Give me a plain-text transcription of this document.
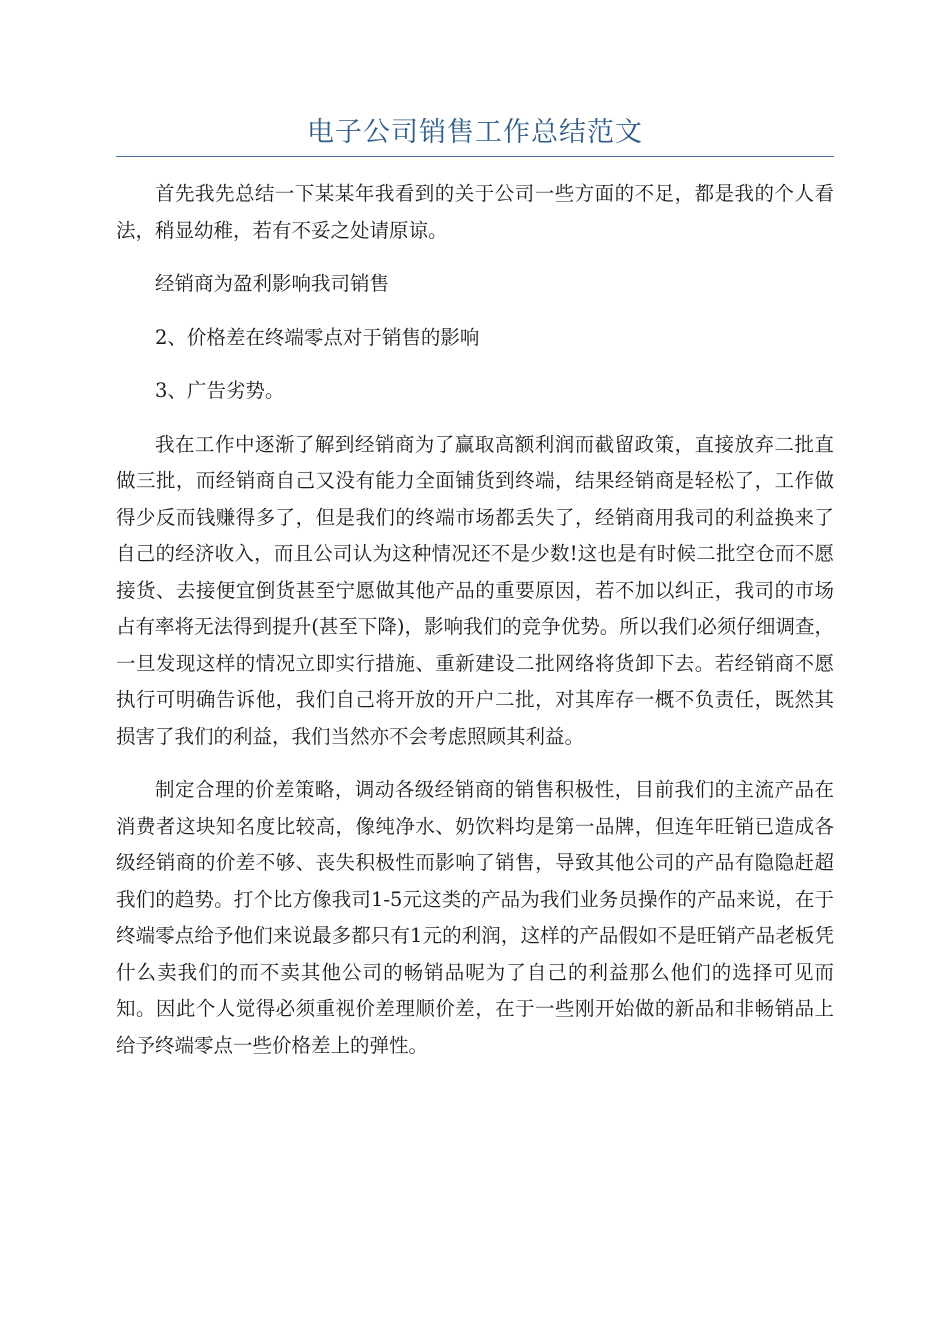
电子公司销售工作总结范文

首先我先总结一下某某年我看到的关于公司一些方面的不足，都是我的个人看法，稍显幼稚，若有不妥之处请原谅。

经销商为盈利影响我司销售

2、价格差在终端零点对于销售的影响

3、广告劣势。

我在工作中逐渐了解到经销商为了赢取高额利润而截留政策，直接放弃二批直做三批，而经销商自己又没有能力全面铺货到终端，结果经销商是轻松了，工作做得少反而钱赚得多了，但是我们的终端市场都丢失了，经销商用我司的利益换来了自己的经济收入，而且公司认为这种情况还不是少数!这也是有时候二批空仓而不愿接货、去接便宜倒货甚至宁愿做其他产品的重要原因，若不加以纠正，我司的市场占有率将无法得到提升(甚至下降)，影响我们的竞争优势。所以我们必须仔细调查，一旦发现这样的情况立即实行措施、重新建设二批网络将货卸下去。若经销商不愿执行可明确告诉他，我们自己将开放的开户二批，对其库存一概不负责任，既然其损害了我们的利益，我们当然亦不会考虑照顾其利益。

制定合理的价差策略，调动各级经销商的销售积极性，目前我们的主流产品在消费者这块知名度比较高，像纯净水、奶饮料均是第一品牌，但连年旺销已造成各级经销商的价差不够、丧失积极性而影响了销售，导致其他公司的产品有隐隐赶超我们的趋势。打个比方像我司1-5元这类的产品为我们业务员操作的产品来说，在于终端零点给予他们来说最多都只有1元的利润，这样的产品假如不是旺销产品老板凭什么卖我们的而不卖其他公司的畅销品呢为了自己的利益那么他们的选择可见而知。因此个人觉得必须重视价差理顺价差，在于一些刚开始做的新品和非畅销品上给予终端零点一些价格差上的弹性。
